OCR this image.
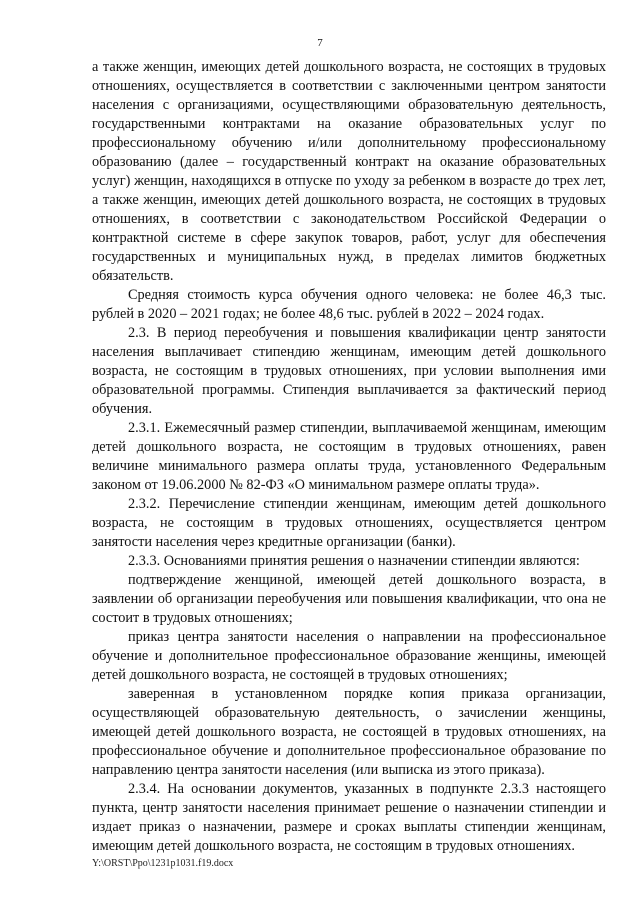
7

а также женщин, имеющих детей дошкольного возраста, не состоящих в трудовых отношениях, осуществляется в соответствии с заключенными центром занятости населения с организациями, осуществляющими образовательную деятельность, государственными контрактами на оказание образовательных услуг по профессиональному обучению и/или дополнительному профессиональному образованию (далее – государственный контракт на оказание образовательных услуг) женщин, находящихся в отпуске по уходу за ребенком в возрасте до трех лет, а также женщин, имеющих детей дошкольного возраста, не состоящих в трудовых отношениях, в соответствии с законодательством Российской Федерации о контрактной системе в сфере закупок товаров, работ, услуг для обеспечения государственных и муниципальных нужд, в пределах лимитов бюджетных обязательств.

Средняя стоимость курса обучения одного человека: не более 46,3 тыс. рублей в 2020 – 2021 годах; не более 48,6 тыс. рублей в 2022 – 2024 годах.

2.3. В период переобучения и повышения квалификации центр занятости населения выплачивает стипендию женщинам, имеющим детей дошкольного возраста, не состоящим в трудовых отношениях, при условии выполнения ими образовательной программы. Стипендия выплачивается за фактический период обучения.

2.3.1. Ежемесячный размер стипендии, выплачиваемой женщинам, имеющим детей дошкольного возраста, не состоящим в трудовых отношениях, равен величине минимального размера оплаты труда, установленного Федеральным законом от 19.06.2000 № 82-ФЗ «О минимальном размере оплаты труда».

2.3.2. Перечисление стипендии женщинам, имеющим детей дошкольного возраста, не состоящим в трудовых отношениях, осуществляется центром занятости населения через кредитные организации (банки).

2.3.3. Основаниями принятия решения о назначении стипендии являются:

подтверждение женщиной, имеющей детей дошкольного возраста, в заявлении об организации переобучения или повышения квалификации, что она не состоит в трудовых отношениях;

приказ центра занятости населения о направлении на профессиональное обучение и дополнительное профессиональное образование женщины, имеющей детей дошкольного возраста, не состоящей в трудовых отношениях;

заверенная в установленном порядке копия приказа организации, осуществляющей образовательную деятельность, о зачислении женщины, имеющей детей дошкольного возраста, не состоящей в трудовых отношениях, на профессиональное обучение и дополнительное профессиональное образование по направлению центра занятости населения (или выписка из этого приказа).

2.3.4. На основании документов, указанных в подпункте 2.3.3 настоящего пункта, центр занятости населения принимает решение о назначении стипендии и издает приказ о назначении, размере и сроках выплаты стипендии женщинам, имеющим детей дошкольного возраста, не состоящим в трудовых отношениях.

Y:\ORST\Ppo\1231p1031.f19.docx
